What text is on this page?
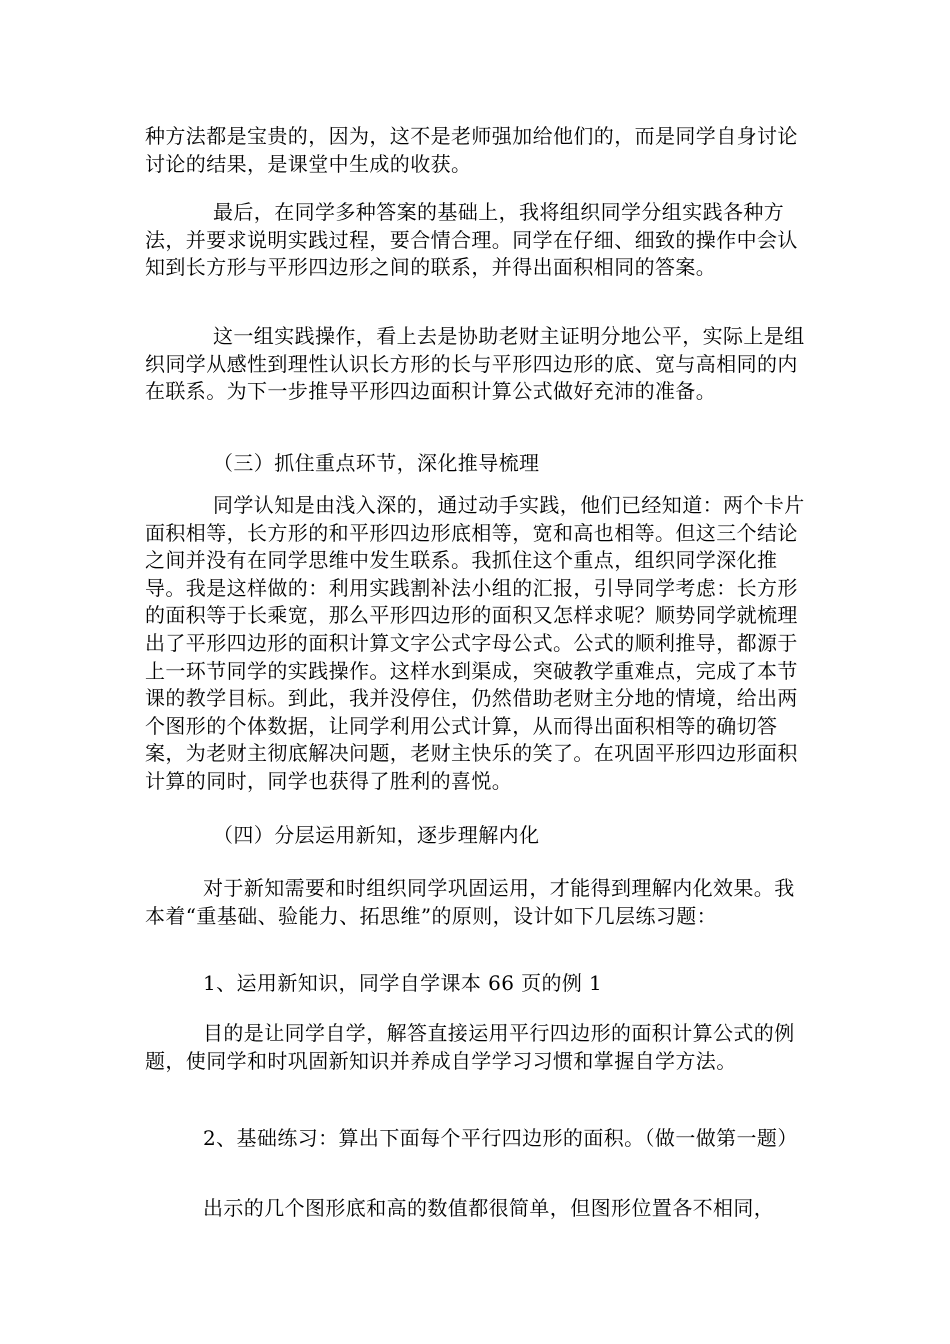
种方法都是宝贵的，因为，这不是老师强加给他们的，而是同学自身讨论讨论的结果，是课堂中生成的收获。

最后，在同学多种答案的基础上，我将组织同学分组实践各种方法，并要求说明实践过程，要合情合理。同学在仔细、细致的操作中会认知到长方形与平形四边形之间的联系，并得出面积相同的答案。

这一组实践操作，看上去是协助老财主证明分地公平，实际上是组织同学从感性到理性认识长方形的长与平形四边形的底、宽与高相同的内在联系。为下一步推导平形四边面积计算公式做好充沛的准备。

（三）抓住重点环节，深化推导梳理

同学认知是由浅入深的，通过动手实践，他们已经知道：两个卡片面积相等，长方形的和平形四边形底相等，宽和高也相等。但这三个结论之间并没有在同学思维中发生联系。我抓住这个重点，组织同学深化推导。我是这样做的：利用实践割补法小组的汇报，引导同学考虑：长方形的面积等于长乘宽，那么平形四边形的面积又怎样求呢？顺势同学就梳理出了平形四边形的面积计算文字公式字母公式。公式的顺利推导，都源于上一环节同学的实践操作。这样水到渠成，突破教学重难点，完成了本节课的教学目标。到此，我并没停住，仍然借助老财主分地的情境，给出两个图形的个体数据，让同学利用公式计算，从而得出面积相等的确切答案，为老财主彻底解决问题，老财主快乐的笑了。在巩固平形四边形面积计算的同时，同学也获得了胜利的喜悦。

（四）分层运用新知，逐步理解内化

对于新知需要和时组织同学巩固运用，才能得到理解内化效果。我本着“重基础、验能力、拓思维”的原则，设计如下几层练习题：

1、运用新知识，同学自学课本 66 页的例 1

目的是让同学自学，解答直接运用平行四边形的面积计算公式的例题，使同学和时巩固新知识并养成自学学习习惯和掌握自学方法。

2、基础练习：算出下面每个平行四边形的面积。（做一做第一题）

出示的几个图形底和高的数值都很简单，但图形位置各不相同，
